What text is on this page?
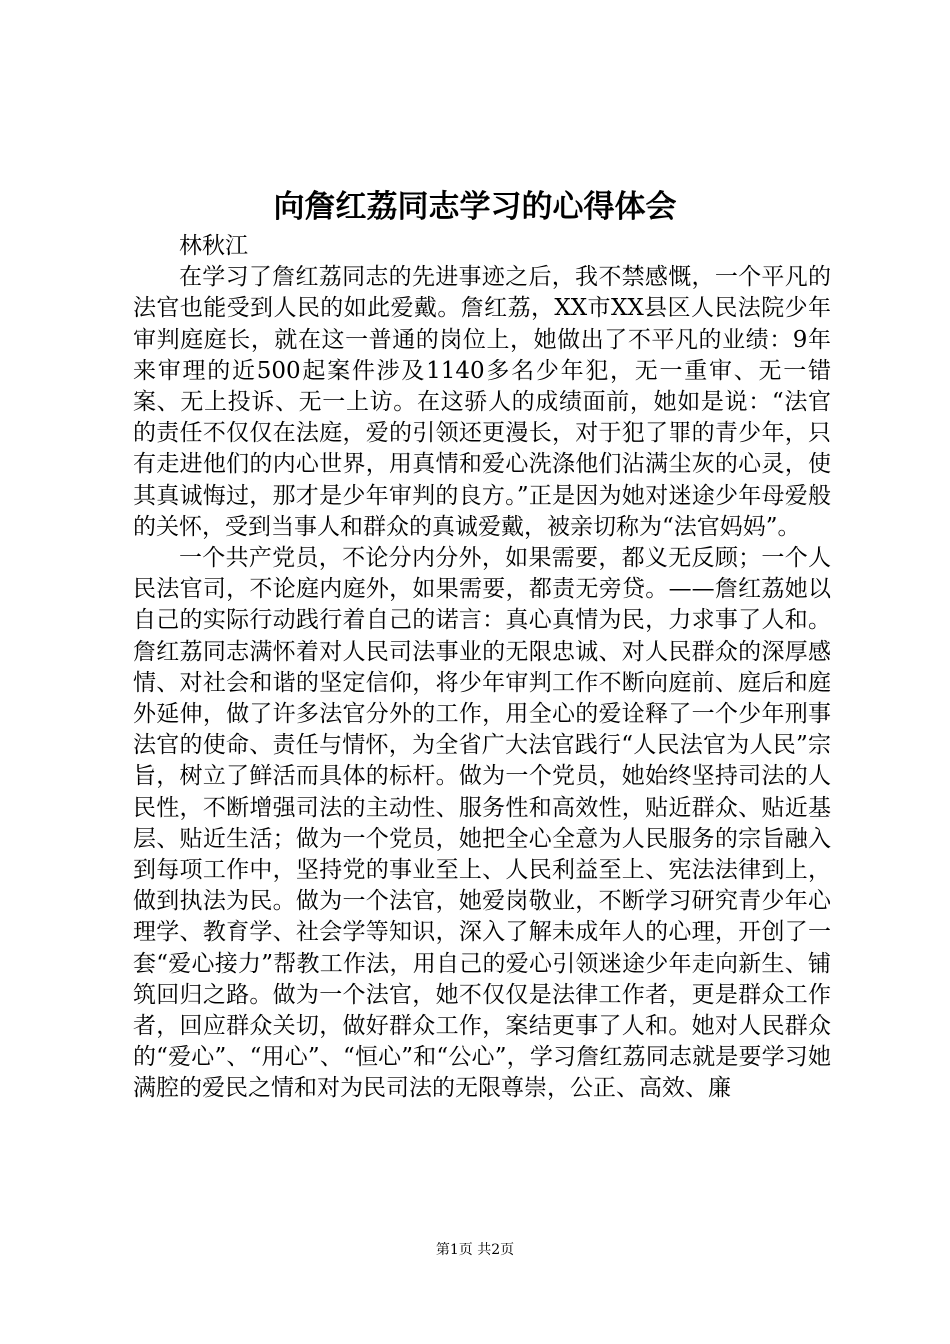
向詹红荔同志学习的心得体会

林秋江

在学习了詹红荔同志的先进事迹之后，我不禁感慨，一个平凡的法官也能受到人民的如此爱戴。詹红荔，XX市XX县区人民法院少年审判庭庭长，就在这一普通的岗位上，她做出了不平凡的业绩：9年来审理的近500起案件涉及1140多名少年犯，无一重审、无一错案、无上投诉、无一上访。在这骄人的成绩面前，她如是说：“法官的责任不仅仅在法庭，爱的引领还更漫长，对于犯了罪的青少年，只有走进他们的内心世界，用真情和爱心洗涤他们沾满尘灰的心灵，使其真诚悔过，那才是少年审判的良方。”正是因为她对迷途少年母爱般的关怀，受到当事人和群众的真诚爱戴，被亲切称为“法官妈妈”。

一个共产党员，不论分内分外，如果需要，都义无反顾；一个人民法官司，不论庭内庭外，如果需要，都责无旁贷。——詹红荔她以自己的实际行动践行着自己的诺言：真心真情为民，力求事了人和。詹红荔同志满怀着对人民司法事业的无限忠诚、对人民群众的深厚感情、对社会和谐的坚定信仰，将少年审判工作不断向庭前、庭后和庭外延伸，做了许多法官分外的工作，用全心的爱诠释了一个少年刑事法官的使命、责任与情怀，为全省广大法官践行“人民法官为人民”宗旨，树立了鲜活而具体的标杆。做为一个党员，她始终坚持司法的人民性，不断增强司法的主动性、服务性和高效性，贴近群众、贴近基层、贴近生活；做为一个党员，她把全心全意为人民服务的宗旨融入到每项工作中，坚持党的事业至上、人民利益至上、宪法法律到上，做到执法为民。做为一个法官，她爱岗敬业，不断学习研究青少年心理学、教育学、社会学等知识，深入了解未成年人的心理，开创了一套“爱心接力”帮教工作法，用自己的爱心引领迷途少年走向新生、铺筑回归之路。做为一个法官，她不仅仅是法律工作者，更是群众工作者，回应群众关切，做好群众工作，案结更事了人和。她对人民群众的“爱心”、“用心”、“恒心”和“公心”，学习詹红荔同志就是要学习她满腔的爱民之情和对为民司法的无限尊崇，公正、高效、廉

第1页 共2页
